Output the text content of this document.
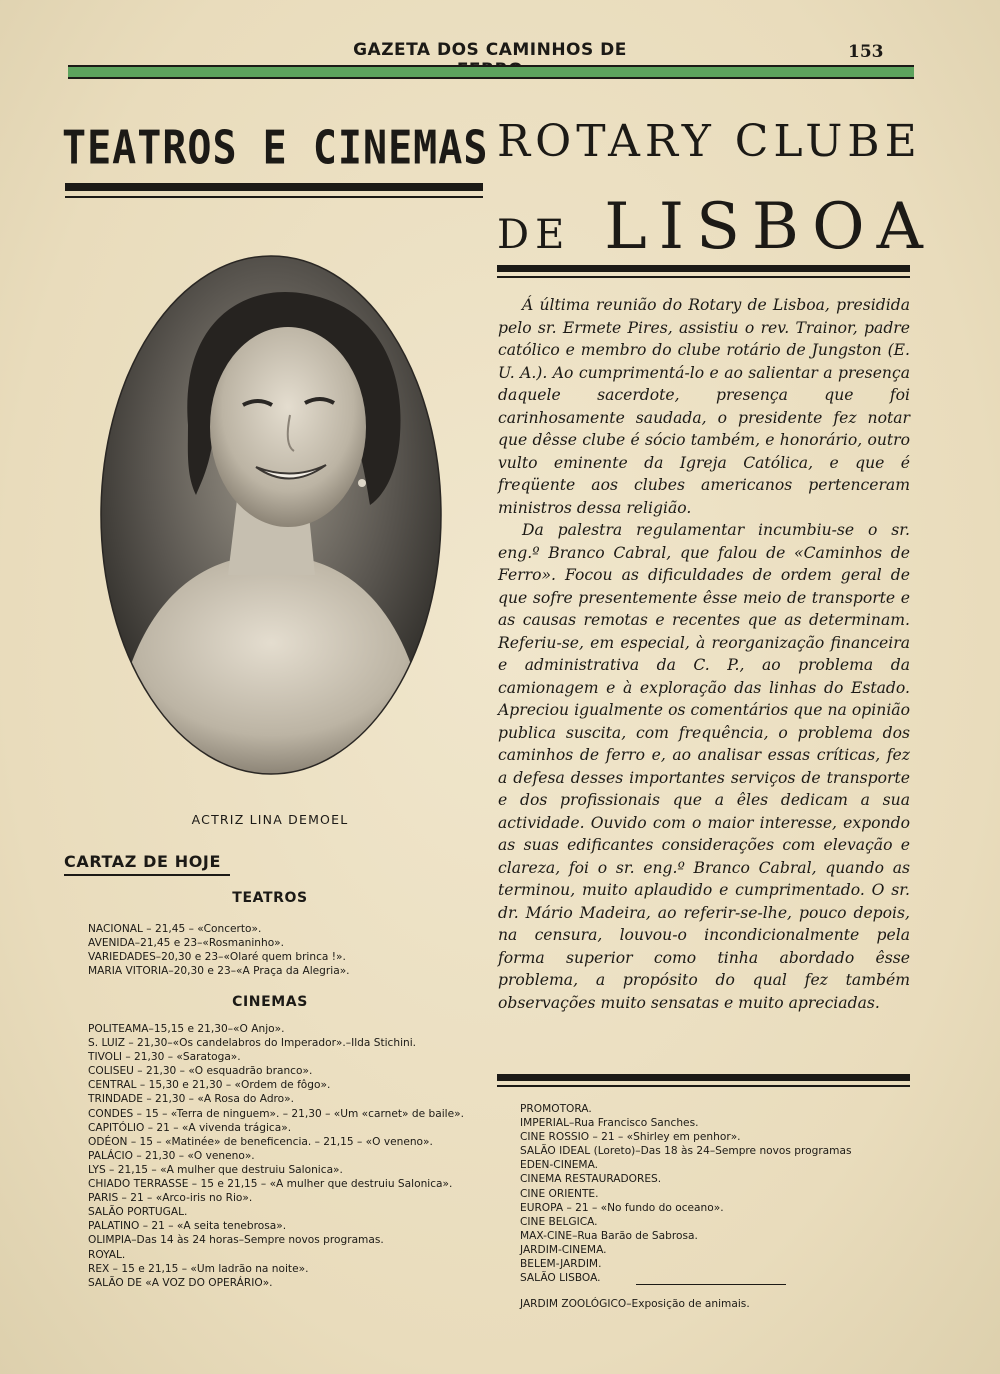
GAZETA DOS CAMINHOS DE	153
TEATROS E CINEMAS
ACTRIZ LINA DEMOEL
CARTAZ DE HOJE
TEATROS
NACIONAL – 21,45 – «Concerto».
AVENIDA–21,45 e 23–«Rosmaninho».
VARIEDADES–20,30 e 23–«Olaré quem brinca !».
MARIA VITORIA–20,30 e 23–«A Praça da Alegria».
CINEMAS
POLITEAMA–15,15 e 21,30–«O Anjo».
S. LUIZ – 21,30–«Os candelabros do Imperador».–Ilda Stichini.
TIVOLI – 21,30 – «Saratoga».
COLISEU – 21,30 – «O esquadrão branco».
CENTRAL – 15,30 e 21,30 – «Ordem de fôgo».
TRINDADE – 21,30 – «A Rosa do Adro».
CONDES – 15 – «Terra de ninguem». – 21,30 – «Um «carnet» de baile».
CAPITÓLIO – 21 – «A vivenda trágica».
ODÉON – 15 – «Matinée» de beneficencia. – 21,15 – «O veneno».
PALÁCIO – 21,30 – «O veneno».
LYS – 21,15 – «A mulher que destruiu Salonica».
CHIADO TERRASSE – 15 e 21,15 – «A mulher que destruiu Salonica».
PARIS – 21 – «Arco-iris no Rio».
SALÃO PORTUGAL.
PALATINO – 21 – «A seita tenebrosa».
OLIMPIA–Das 14 às 24 horas–Sempre novos programas.
ROYAL.
REX – 15 e 21,15 – «Um ladrão na noite».
SALÃO DE «A VOZ DO OPERÁRIO».
ROTARY CLUBE
DE LISBOA

Á última reunião do Rotary de Lisboa, presidida pelo sr. Ermete Pires, assistiu o rev. Trainor, padre católico e membro do clube rotário de Jungston (E. U. A.). Ao cumprimentá-lo e ao salientar a presença daquele sacerdote, presença que foi carinhosamente saudada, o presidente fez notar que dêsse clube é sócio também, e honorário, outro vulto eminente da Igreja Católica, e que é freqüente aos clubes americanos pertenceram ministros dessa religião.

Da palestra regulamentar incumbiu-se o sr. eng.º Branco Cabral, que falou de «Caminhos de Ferro». Focou as dificuldades de ordem geral de que sofre presentemente êsse meio de transporte e as causas remotas e recentes que as determinam. Referiu-se, em especial, à reorganização financeira e administrativa da C. P., ao problema da camionagem e à exploração das linhas do Estado. Apreciou igualmente os comentários que na opinião publica suscita, com frequência, o problema dos caminhos de ferro e, ao analisar essas críticas, fez a defesa desses importantes serviços de transporte e dos profissionais que a êles dedicam a sua actividade. Ouvido com o maior interesse, expondo as suas edificantes considerações com elevação e clareza, foi o sr. eng.º Branco Cabral, quando as terminou, muito aplaudido e cumprimentado. O sr. dr. Mário Madeira, ao referir-se-lhe, pouco depois, na censura, louvou-o incondicionalmente pela forma superior como tinha abordado êsse problema, a propósito do qual fez também observações muito sensatas e muito apreciadas.

PROMOTORA.
IMPERIAL–Rua Francisco Sanches.
CINE ROSSIO – 21 – «Shirley em penhor».
SALÃO IDEAL (Loreto)–Das 18 às 24–Sempre novos programas
EDEN-CINEMA.
CINEMA RESTAURADORES.
CINE ORIENTE.
EUROPA – 21 – «No fundo do oceano».
CINE BELGICA.
MAX-CINE–Rua Barão de Sabrosa.
JARDIM-CINEMA.
BELEM-JARDIM.
SALÃO LISBOA.
JARDIM ZOOLÓGICO–Exposição de animais.
